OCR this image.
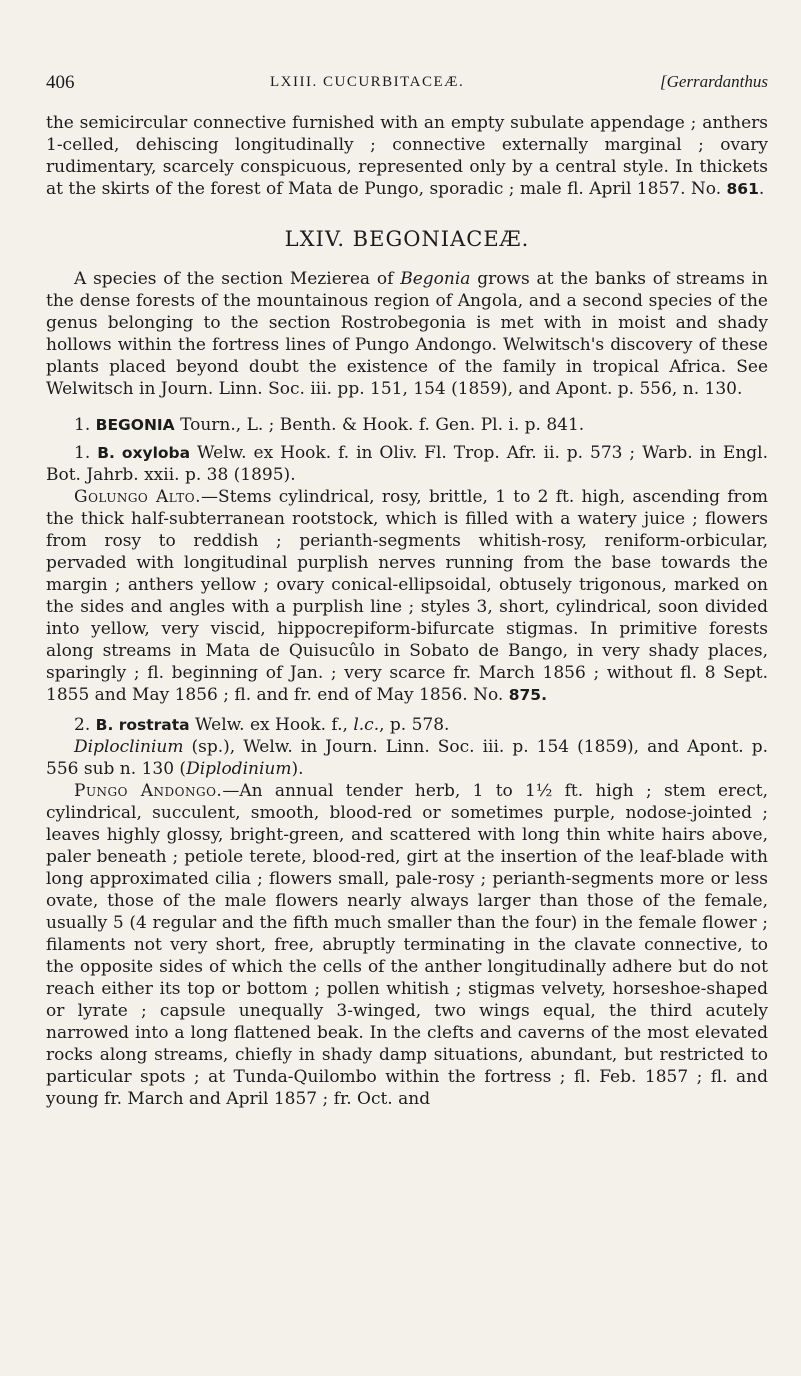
406	LXIII. CUCURBITACEÆ.	[Gerrardanthus

the semicircular connective furnished with an empty subulate appendage ; anthers 1-celled, dehiscing longitudinally ; connective externally marginal ; ovary rudimentary, scarcely conspicuous, represented only by a central style. In thickets at the skirts of the forest of Mata de Pungo, sporadic ; male fl. April 1857. No. 861.

LXIV. BEGONIACEÆ.

A species of the section Mezierea of Begonia grows at the banks of streams in the dense forests of the mountainous region of Angola, and a second species of the genus belonging to the section Rostrobegonia is met with in moist and shady hollows within the fortress lines of Pungo Andongo. Welwitsch's discovery of these plants placed beyond doubt the existence of the family in tropical Africa. See Welwitsch in Journ. Linn. Soc. iii. pp. 151, 154 (1859), and Apont. p. 556, n. 130.

1. BEGONIA Tourn., L. ; Benth. & Hook. f. Gen. Pl. i. p. 841.

1. B. oxyloba Welw. ex Hook. f. in Oliv. Fl. Trop. Afr. ii. p. 573 ; Warb. in Engl. Bot. Jahrb. xxii. p. 38 (1895).

Golungo Alto.—Stems cylindrical, rosy, brittle, 1 to 2 ft. high, ascending from the thick half-subterranean rootstock, which is filled with a watery juice ; flowers from rosy to reddish ; perianth-segments whitish-rosy, reniform-orbicular, pervaded with longitudinal purplish nerves running from the base towards the margin ; anthers yellow ; ovary conical-ellipsoidal, obtusely trigonous, marked on the sides and angles with a purplish line ; styles 3, short, cylindrical, soon divided into yellow, very viscid, hippocrepiform-bifurcate stigmas. In primitive forests along streams in Mata de Quisucûlo in Sobato de Bango, in very shady places, sparingly ; fl. beginning of Jan. ; very scarce fr. March 1856 ; without fl. 8 Sept. 1855 and May 1856 ; fl. and fr. end of May 1856. No. 875.

2. B. rostrata Welw. ex Hook. f., l.c., p. 578.

Diploclinium (sp.), Welw. in Journ. Linn. Soc. iii. p. 154 (1859), and Apont. p. 556 sub n. 130 (Diplodinium).

Pungo Andongo.—An annual tender herb, 1 to 1½ ft. high ; stem erect, cylindrical, succulent, smooth, blood-red or sometimes purple, nodose-jointed ; leaves highly glossy, bright-green, and scattered with long thin white hairs above, paler beneath ; petiole terete, blood-red, girt at the insertion of the leaf-blade with long approximated cilia ; flowers small, pale-rosy ; perianth-segments more or less ovate, those of the male flowers nearly always larger than those of the female, usually 5 (4 regular and the fifth much smaller than the four) in the female flower ; filaments not very short, free, abruptly terminating in the clavate connective, to the opposite sides of which the cells of the anther longitudinally adhere but do not reach either its top or bottom ; pollen whitish ; stigmas velvety, horseshoe-shaped or lyrate ; capsule unequally 3-winged, two wings equal, the third acutely narrowed into a long flattened beak. In the clefts and caverns of the most elevated rocks along streams, chiefly in shady damp situations, abundant, but restricted to particular spots ; at Tunda-Quilombo within the fortress ; fl. Feb. 1857 ; fl. and young fr. March and April 1857 ; fr. Oct. and
